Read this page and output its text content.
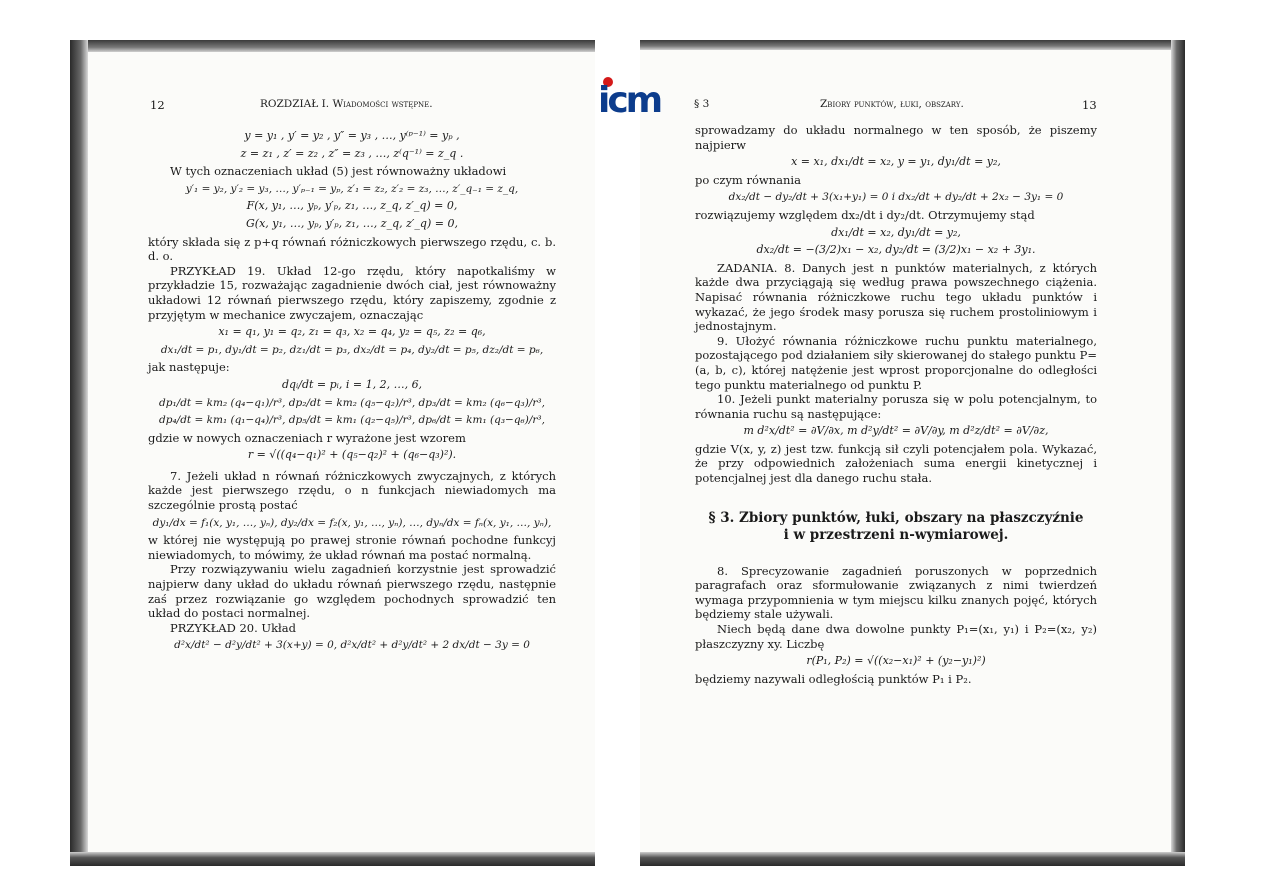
12	ROZDZIAŁ I. Wiadomości wstępne.
y = y₁ , y′ = y₂ , y″ = y₃ , …, y⁽ᵖ⁻¹⁾ = yₚ ,
z = z₁ , z′ = z₂ , z″ = z₃ , …, z⁽q⁻¹⁾ = z_q .

W tych oznaczeniach układ (5) jest równoważny układowi

y′₁ = y₂, y′₂ = y₃, …, y′ₚ₋₁ = yₚ, z′₁ = z₂, z′₂ = z₃, …, z′_q₋₁ = z_q,
F(x, y₁, …, yₚ, y′ₚ, z₁, …, z_q, z′_q) = 0,
G(x, y₁, …, yₚ, y′ₚ, z₁, …, z_q, z′_q) = 0,

który składa się z p+q równań różniczkowych pierwszego rzędu, c. b. d. o.

PRZYKŁAD 19. Układ 12-go rzędu, który napotkaliśmy w przykładzie 15, rozważając zagadnienie dwóch ciał, jest równoważny układowi 12 równań pierwszego rzędu, który zapiszemy, zgodnie z przyjętym w mechanice zwyczajem, oznaczając

x₁ = q₁, y₁ = q₂, z₁ = q₃, x₂ = q₄, y₂ = q₅, z₂ = q₆,
dx₁/dt = p₁, dy₁/dt = p₂, dz₁/dt = p₃, dx₂/dt = p₄, dy₂/dt = p₅, dz₂/dt = p₆,

jak następuje:

dqᵢ/dt = pᵢ, i = 1, 2, …, 6,
dp₁/dt = km₂ (q₄−q₁)/r³, dp₂/dt = km₂ (q₅−q₂)/r³, dp₃/dt = km₂ (q₆−q₃)/r³,
dp₄/dt = km₁ (q₁−q₄)/r³, dp₅/dt = km₁ (q₂−q₅)/r³, dp₆/dt = km₁ (q₃−q₆)/r³,

gdzie w nowych oznaczeniach r wyrażone jest wzorem

r = √((q₄−q₁)² + (q₅−q₂)² + (q₆−q₃)²).

7. Jeżeli układ n równań różniczkowych zwyczajnych, z których każde jest pierwszego rzędu, o n funkcjach niewiadomych ma szczególnie prostą postać

dy₁/dx = f₁(x, y₁, …, yₙ), dy₂/dx = f₂(x, y₁, …, yₙ), …, dyₙ/dx = fₙ(x, y₁, …, yₙ),

w której nie występują po prawej stronie równań pochodne funkcyj niewiadomych, to mówimy, że układ równań ma postać normalną.

Przy rozwiązywaniu wielu zagadnień korzystnie jest sprowadzić najpierw dany układ do układu równań pierwszego rzędu, następnie zaś przez rozwiązanie go względem pochodnych sprowadzić ten układ do postaci normalnej.

PRZYKŁAD 20. Układ

d²x/dt² − d²y/dt² + 3(x+y) = 0, d²x/dt² + d²y/dt² + 2 dx/dt − 3y = 0
§ 3	Zbiory punktów, łuki, obszary.	13

sprowadzamy do układu normalnego w ten sposób, że piszemy najpierw

x = x₁, dx₁/dt = x₂, y = y₁, dy₁/dt = y₂,

po czym równania

dx₂/dt − dy₂/dt + 3(x₁+y₁) = 0 i dx₂/dt + dy₂/dt + 2x₂ − 3y₁ = 0

rozwiązujemy względem dx₂/dt i dy₂/dt. Otrzymujemy stąd

dx₁/dt = x₂, dy₁/dt = y₂,
dx₂/dt = −(3/2)x₁ − x₂, dy₂/dt = (3/2)x₁ − x₂ + 3y₁.

ZADANIA. 8. Danych jest n punktów materialnych, z których każde dwa przyciągają się według prawa powszechnego ciążenia. Napisać równania różniczkowe ruchu tego układu punktów i wykazać, że jego środek masy porusza się ruchem prostoliniowym i jednostajnym.

9. Ułożyć równania różniczkowe ruchu punktu materialnego, pozostającego pod działaniem siły skierowanej do stałego punktu P=(a, b, c), której natężenie jest wprost proporcjonalne do odległości tego punktu materialnego od punktu P.

10. Jeżeli punkt materialny porusza się w polu potencjalnym, to równania ruchu są następujące:

m d²x/dt² = ∂V/∂x, m d²y/dt² = ∂V/∂y, m d²z/dt² = ∂V/∂z,

gdzie V(x, y, z) jest tzw. funkcją sił czyli potencjałem pola. Wykazać, że przy odpowiednich założeniach suma energii kinetycznej i potencjalnej jest dla danego ruchu stała.

§ 3. Zbiory punktów, łuki, obszary na płaszczyźnie
i w przestrzeni n-wymiarowej.

8. Sprecyzowanie zagadnień poruszonych w poprzednich paragrafach oraz sformułowanie związanych z nimi twierdzeń wymaga przypomnienia w tym miejscu kilku znanych pojęć, których będziemy stale używali.

Niech będą dane dwa dowolne punkty P₁=(x₁, y₁) i P₂=(x₂, y₂) płaszczyzny xy. Liczbę

r(P₁, P₂) = √((x₂−x₁)² + (y₂−y₁)²)

będziemy nazywali odległością punktów P₁ i P₂.

icm
